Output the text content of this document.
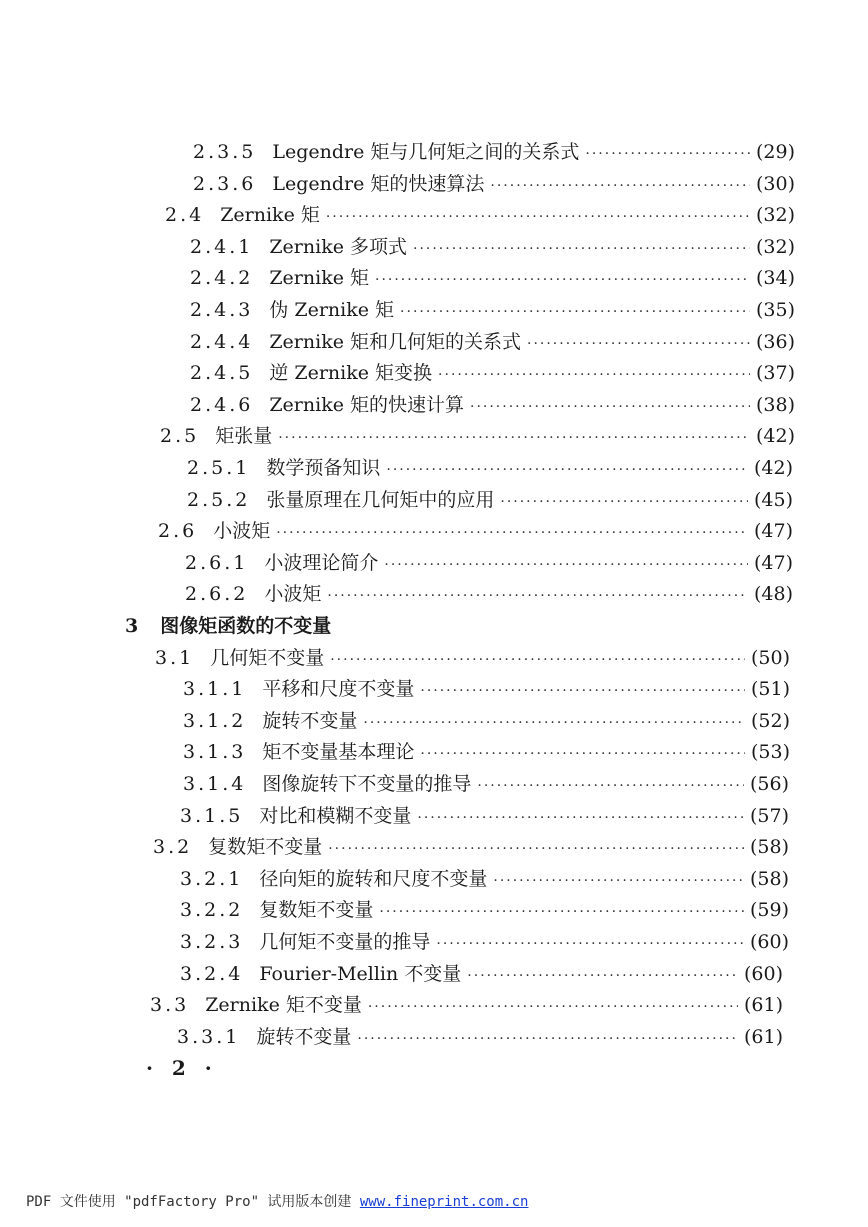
2.3.5 Legendre 矩与几何矩之间的关系式 ·····	(29)
2.3.6 Legendre 矩的快速算法 ·····	(30)
2.4 Zernike 矩 ·····	(32)
2.4.1 Zernike 多项式 ·····	(32)
2.4.2 Zernike 矩 ·····	(34)
2.4.3 伪 Zernike 矩 ·····	(35)
2.4.4 Zernike 矩和几何矩的关系式 ·····	(36)
2.4.5 逆 Zernike 矩变换 ·····	(37)
2.4.6 Zernike 矩的快速计算 ·····	(38)
2.5 矩张量 ·····	(42)
2.5.1 数学预备知识 ·····	(42)
2.5.2 张量原理在几何矩中的应用 ·····	(45)
2.6 小波矩 ·····	(47)
2.6.1 小波理论简介 ·····	(47)
2.6.2 小波矩 ·····	(48)
3 图像矩函数的不变量
3.1 几何矩不变量 ·····	(50)
3.1.1 平移和尺度不变量 ·····	(51)
3.1.2 旋转不变量 ·····	(52)
3.1.3 矩不变量基本理论 ·····	(53)
3.1.4 图像旋转下不变量的推导 ·····	(56)
3.1.5 对比和模糊不变量 ·····	(57)
3.2 复数矩不变量 ·····	(58)
3.2.1 径向矩的旋转和尺度不变量 ·····	(58)
3.2.2 复数矩不变量 ·····	(59)
3.2.3 几何矩不变量的推导 ·····	(60)
3.2.4 Fourier-Mellin 不变量 ·····	(60)
3.3 Zernike 矩不变量 ·····	(61)
3.3.1 旋转不变量 ·····	(61)
· 2 ·
PDF 文件使用 "pdfFactory Pro" 试用版本创建 www.fineprint.com.cn
